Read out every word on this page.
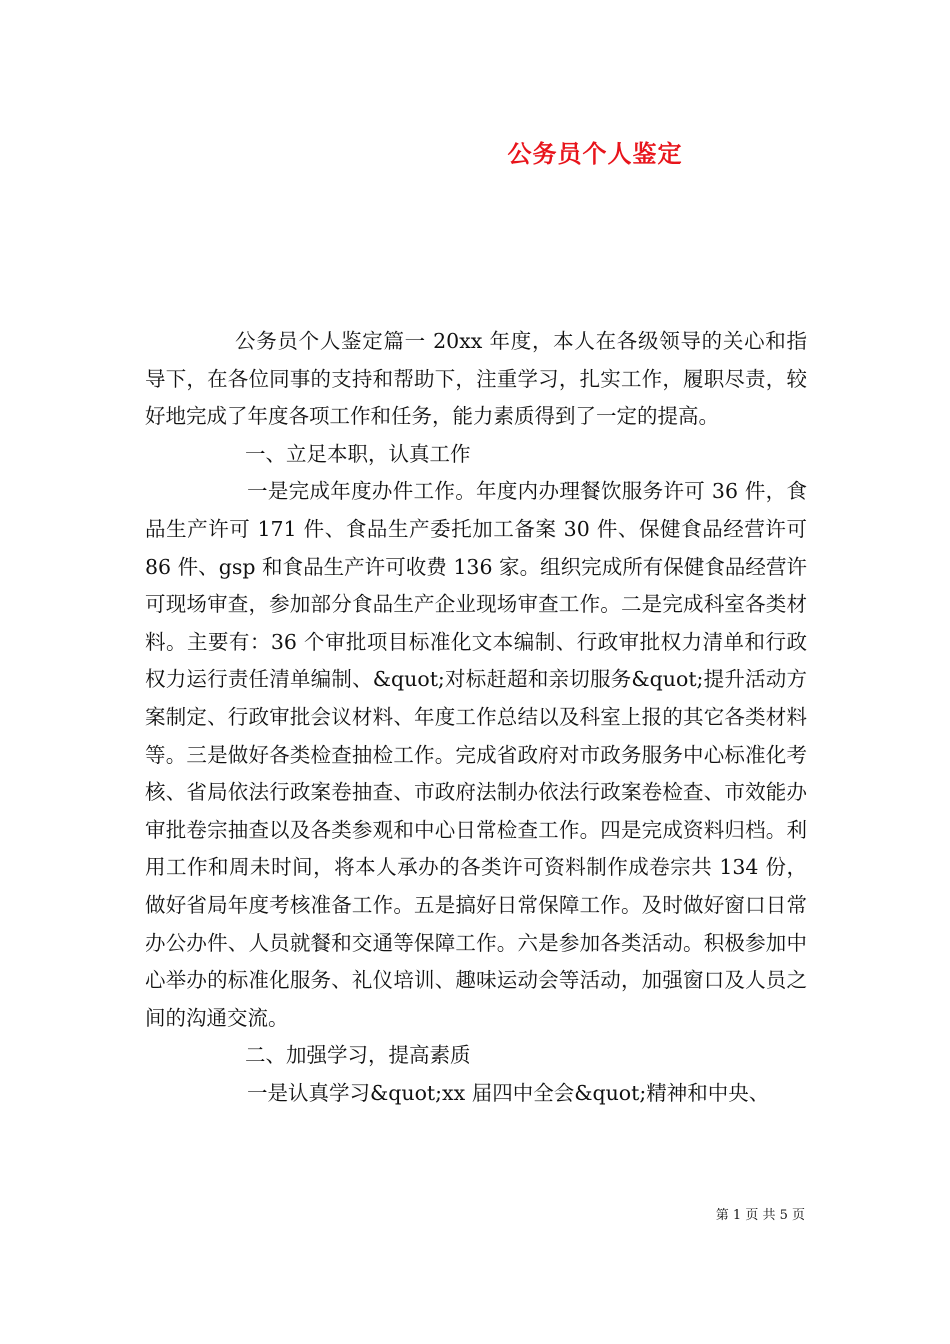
公务员个人鉴定

公务员个人鉴定篇一 20xx 年度，本人在各级领导的关心和指导下，在各位同事的支持和帮助下，注重学习，扎实工作，履职尽责，较好地完成了年度各项工作和任务，能力素质得到了一定的提高。

一、立足本职，认真工作

一是完成年度办件工作。年度内办理餐饮服务许可 36 件，食品生产许可 171 件、食品生产委托加工备案 30 件、保健食品经营许可 86 件、gsp 和食品生产许可收费 136 家。组织完成所有保健食品经营许可现场审查，参加部分食品生产企业现场审查工作。二是完成科室各类材料。主要有：36 个审批项目标准化文本编制、行政审批权力清单和行政权力运行责任清单编制、&quot;对标赶超和亲切服务&quot;提升活动方案制定、行政审批会议材料、年度工作总结以及科室上报的其它各类材料等。三是做好各类检查抽检工作。完成省政府对市政务服务中心标准化考核、省局依法行政案卷抽查、市政府法制办依法行政案卷检查、市效能办审批卷宗抽查以及各类参观和中心日常检查工作。四是完成资料归档。利用工作和周未时间，将本人承办的各类许可资料制作成卷宗共 134 份，做好省局年度考核准备工作。五是搞好日常保障工作。及时做好窗口日常办公办件、人员就餐和交通等保障工作。六是参加各类活动。积极参加中心举办的标准化服务、礼仪培训、趣味运动会等活动，加强窗口及人员之间的沟通交流。

二、加强学习，提高素质

一是认真学习&quot;xx 届四中全会&quot;精神和中央、

第 1 页 共 5 页
